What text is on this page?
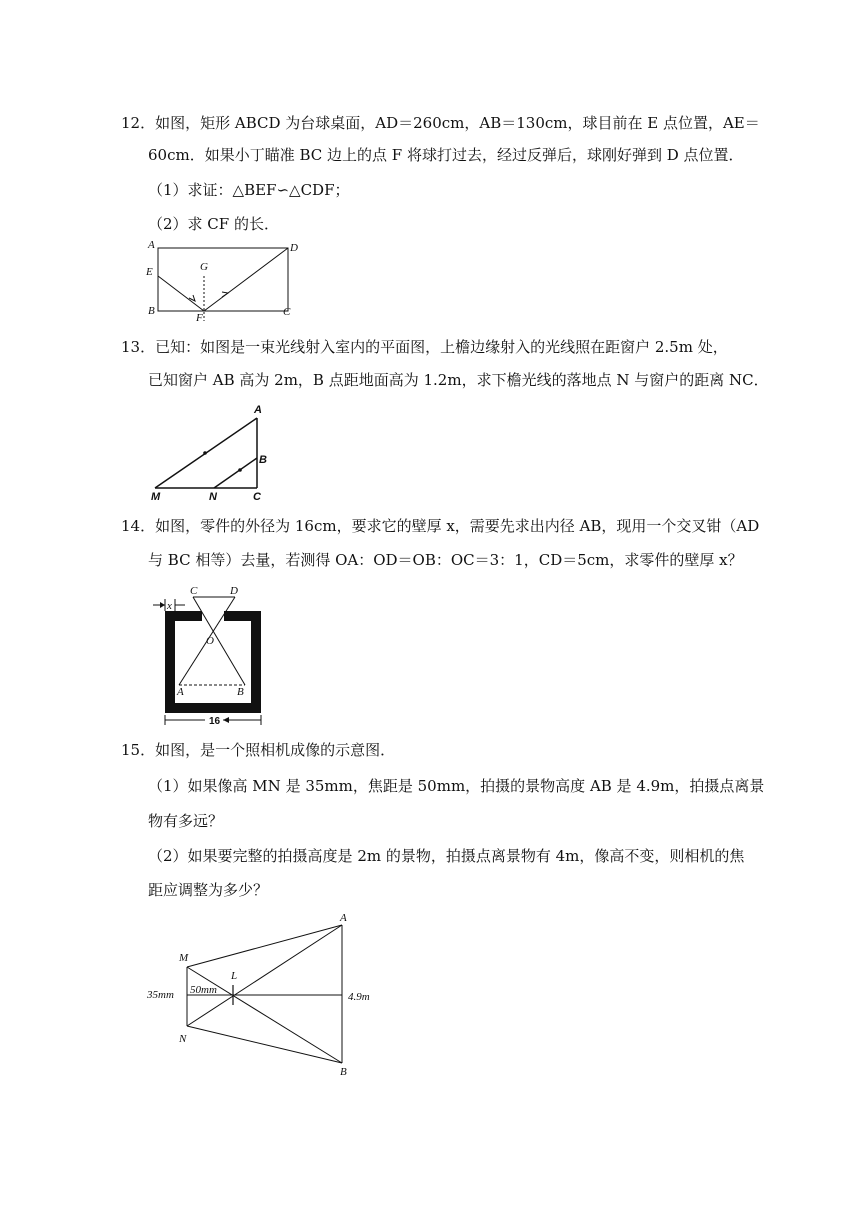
12．如图，矩形 ABCD 为台球桌面，AD＝260cm，AB＝130cm，球目前在 E 点位置，AE＝
60cm．如果小丁瞄准 BC 边上的点 F 将球打过去，经过反弹后，球刚好弹到 D 点位置．
（1）求证：△BEF∽△CDF；
（2）求 CF 的长．
A	D
E	G
B	C
F
13．已知：如图是一束光线射入室内的平面图，上檐边缘射入的光线照在距窗户 2.5m 处，
已知窗户 AB 高为 2m，B 点距地面高为 1.2m，求下檐光线的落地点 N 与窗户的距离 NC．
A
B
M	N	C
14．如图，零件的外径为 16cm，要求它的壁厚 x，需要先求出内径 AB，现用一个交叉钳（AD
与 BC 相等）去量，若测得 OA：OD＝OB：OC＝3：1，CD＝5cm，求零件的壁厚 x？
C	D
x
O
A	B
16
15．如图，是一个照相机成像的示意图．
（1）如果像高 MN 是 35mm，焦距是 50mm，拍摄的景物高度 AB 是 4.9m，拍摄点离景
物有多远？
（2）如果要完整的拍摄高度是 2m 的景物，拍摄点离景物有 4m，像高不变，则相机的焦
距应调整为多少？
A
B
M
N
L
35mm 50mm
4.9m
